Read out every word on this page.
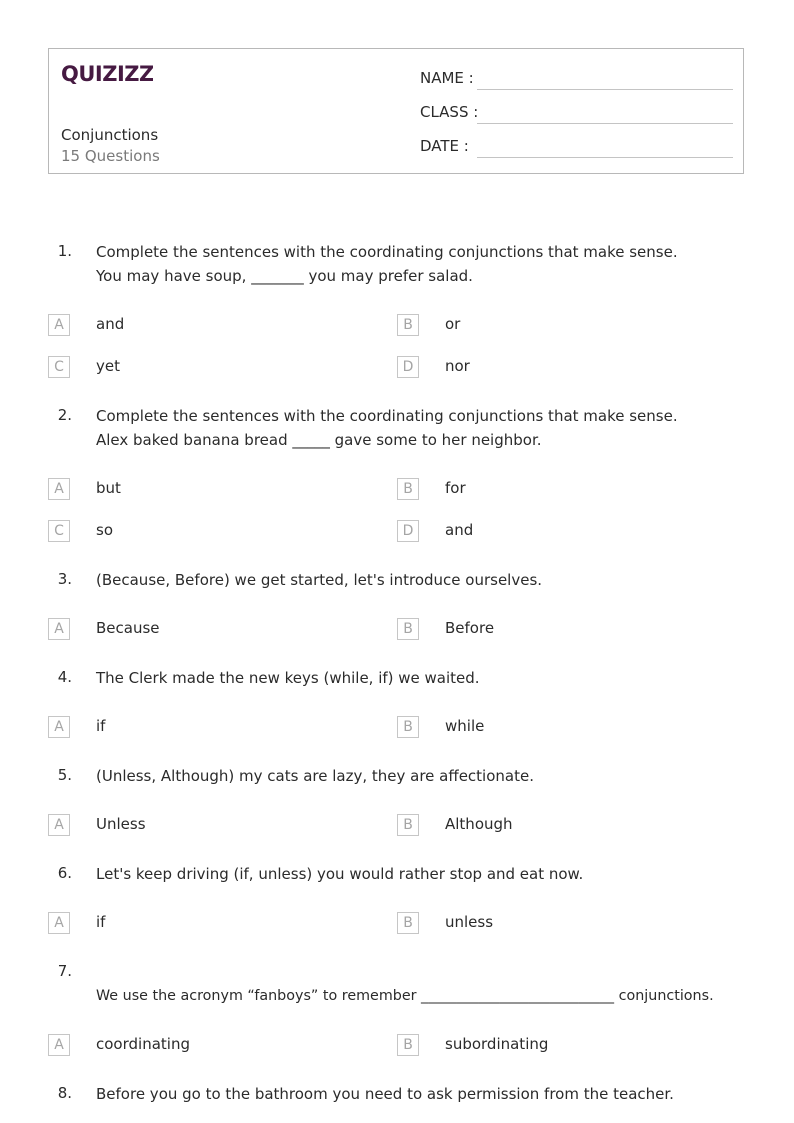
QUIZIZZ
Conjunctions
15 Questions
NAME :
CLASS :
DATE :
1. Complete the sentences with the coordinating conjunctions that make sense.
You may have soup, _______ you may prefer salad.
A	and	B	or
C	yet	D	nor
2. Complete the sentences with the coordinating conjunctions that make sense.
Alex baked banana bread _____ gave some to her neighbor.
A	but	B	for
C	so	D	and
3. (Because, Before) we get started, let's introduce ourselves.
A	Because	B	Before
4. The Clerk made the new keys (while, if) we waited.
A	if	B	while
5. (Unless, Although) my cats are lazy, they are affectionate.
A	Unless	B	Although
6. Let's keep driving (if, unless) you would rather stop and eat now.
A	if	B	unless
7.
We use the acronym “fanboys” to remember ___________________________ conjunctions.
A	coordinating	B	subordinating
8. Before you go to the bathroom you need to ask permission from the teacher.
